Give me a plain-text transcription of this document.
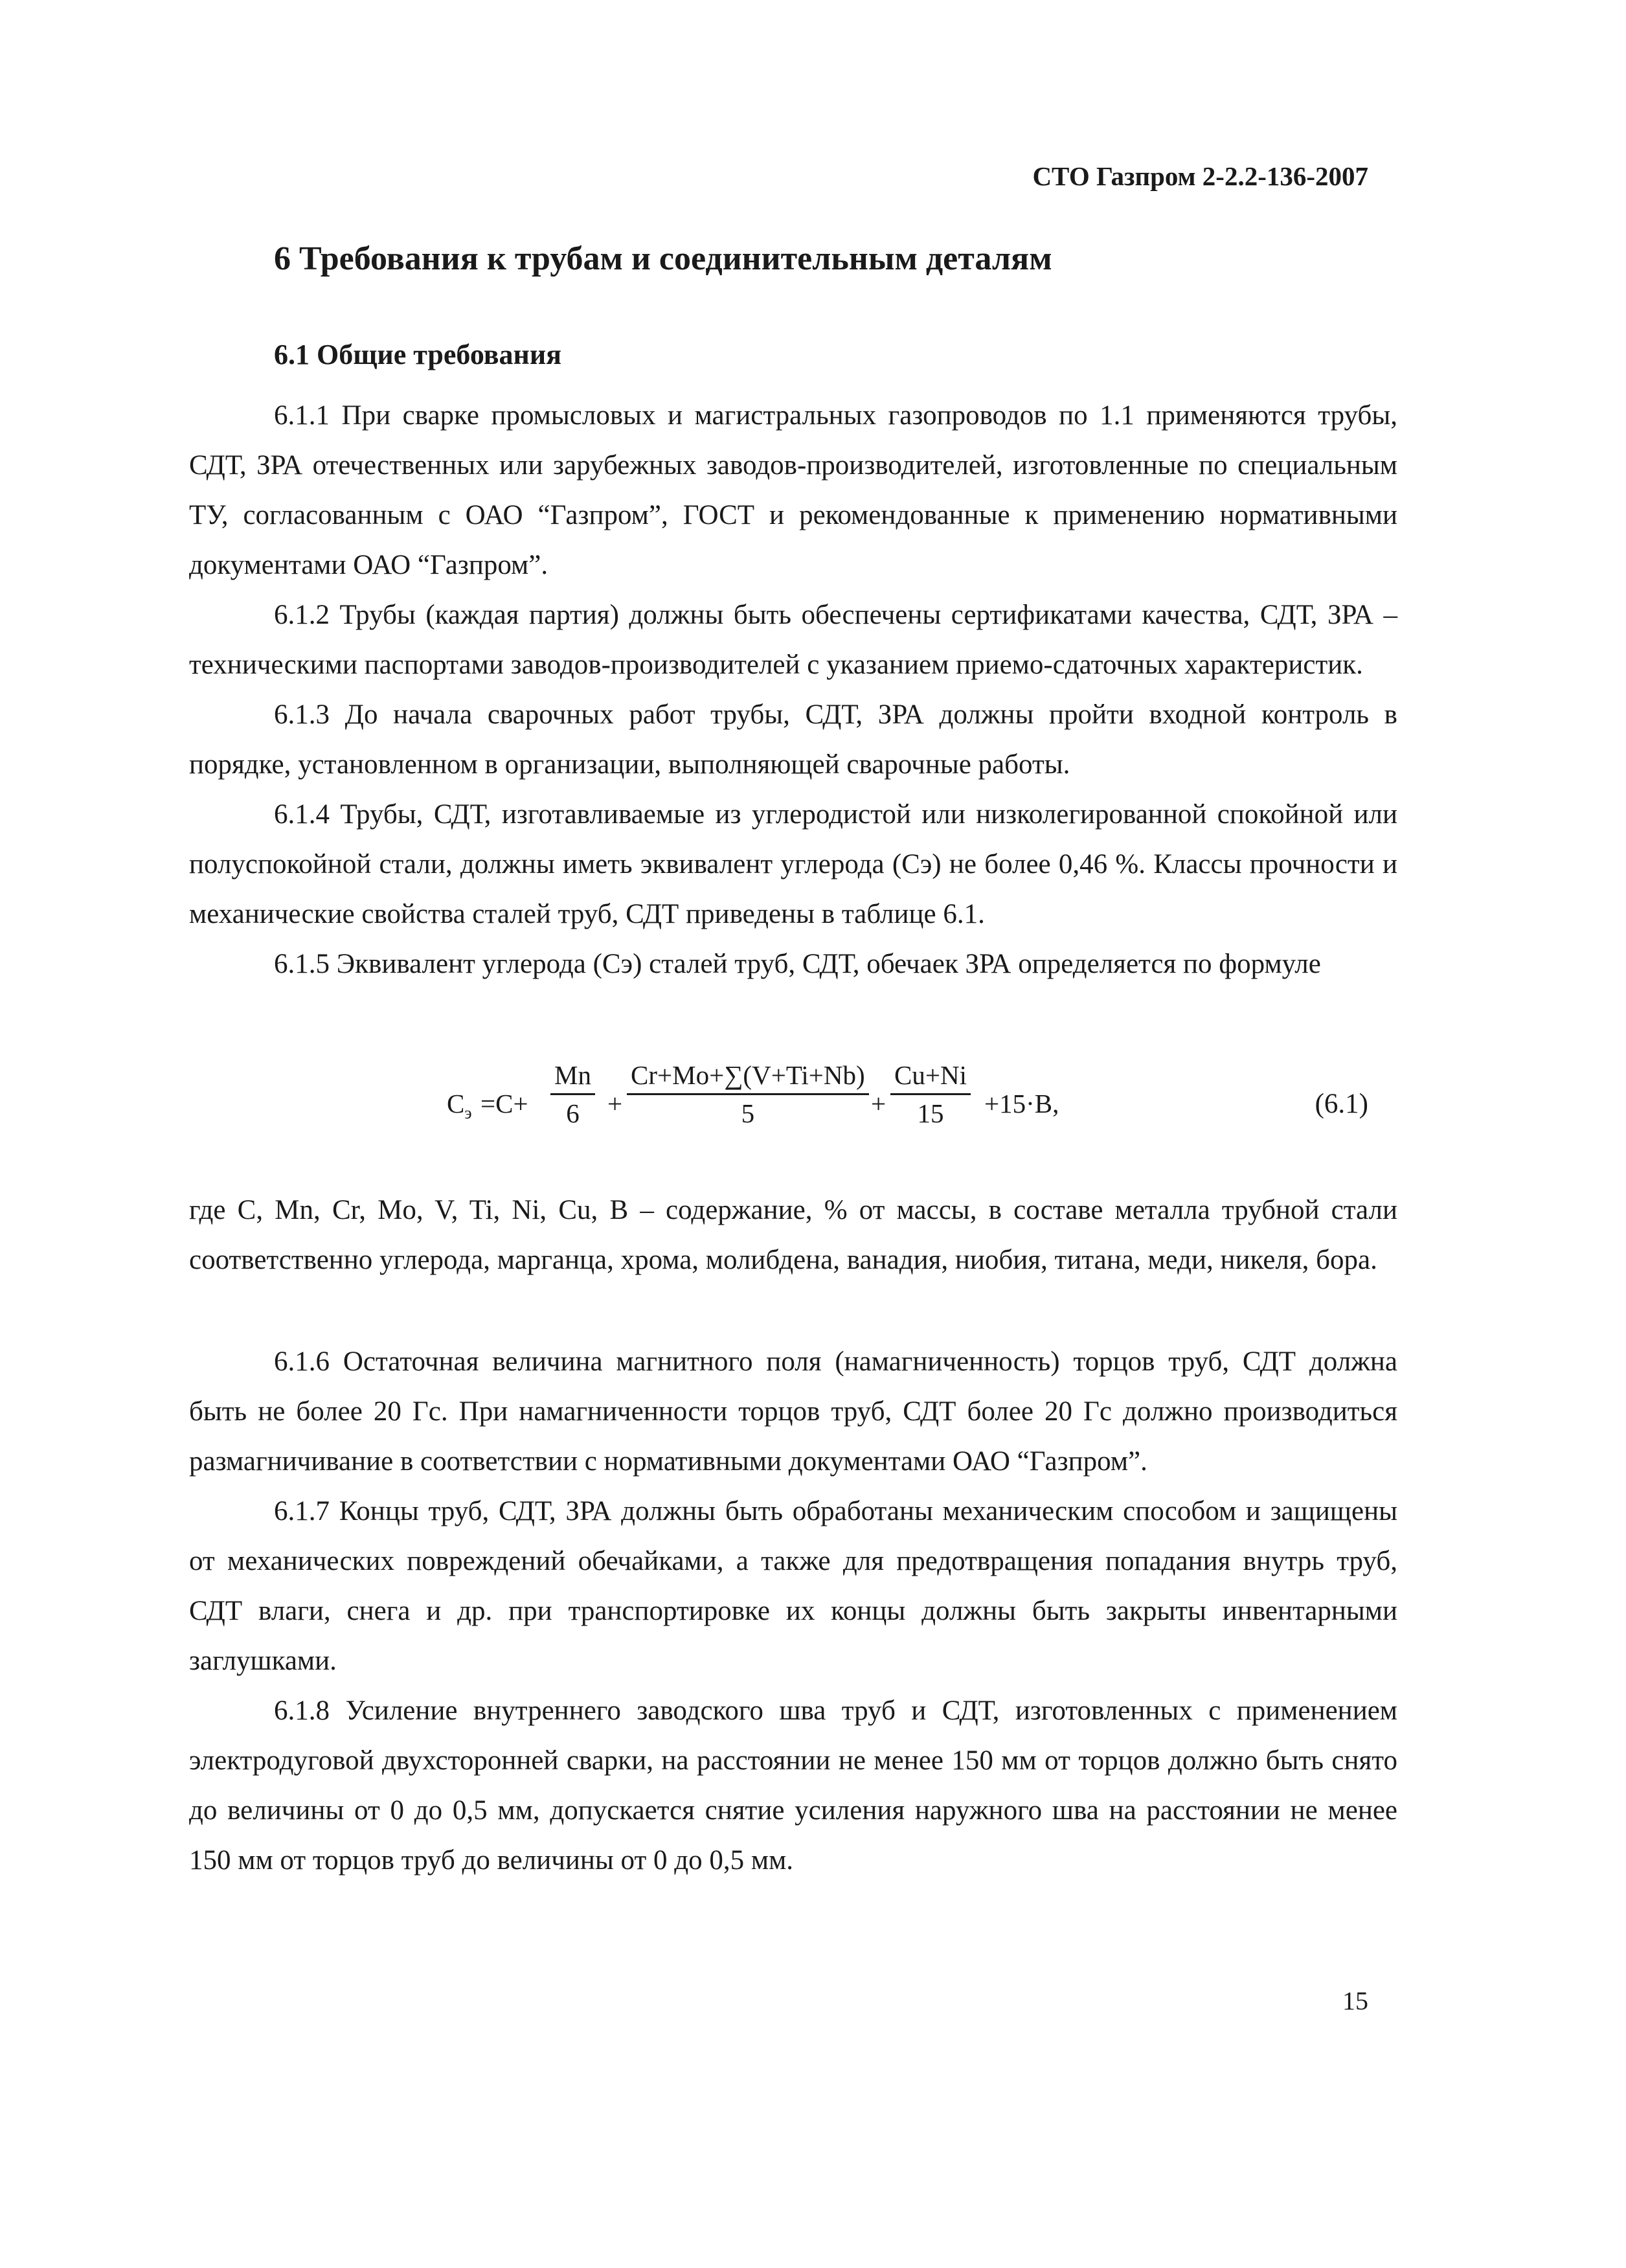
СТО Газпром 2-2.2-136-2007
6 Требования к трубам и соединительным деталям
6.1 Общие требования

6.1.1 При сварке промысловых и магистральных газопроводов по 1.1 применяются трубы, СДТ, ЗРА отечественных или зарубежных заводов-производителей, изготовленные по специальным ТУ, согласованным с ОАО “Газпром”, ГОСТ и рекомендованные к применению нормативными документами ОАО “Газпром”.

6.1.2 Трубы (каждая партия) должны быть обеспечены сертификатами качества, СДТ, ЗРА – техническими паспортами заводов-производителей с указанием приемо-сдаточных характеристик.

6.1.3 До начала сварочных работ трубы, СДТ, ЗРА должны пройти входной контроль в порядке, установленном в организации, выполняющей сварочные работы.

6.1.4 Трубы, СДТ, изготавливаемые из углеродистой или низколегированной спокойной или полуспокойной стали, должны иметь эквивалент углерода (Cэ) не более 0,46 %. Классы прочности и механические свойства сталей труб, СДТ приведены в таблице 6.1.

6.1.5 Эквивалент углерода (Cэ) сталей труб, СДТ, обечаек ЗРА определяется по формуле

$C_э =C+ \frac{Mn}{6} + \frac{Cr+Mo+\sum(V+Ti+Nb)}{5} + \frac{Cu+Ni}{15} +15\cdot B$,	(6.1)
где C, Mn, Cr, Mo, V, Ti, Ni, Cu, B – содержание, % от массы, в составе металла трубной стали соответственно углерода, марганца, хрома, молибдена, ванадия, ниобия, титана, меди, никеля, бора.

6.1.6 Остаточная величина магнитного поля (намагниченность) торцов труб, СДТ должна быть не более 20 Гс. При намагниченности торцов труб, СДТ более 20 Гс должно производиться размагничивание в соответствии с нормативными документами ОАО “Газпром”.

6.1.7 Концы труб, СДТ, ЗРА должны быть обработаны механическим способом и защищены от механических повреждений обечайками, а также для предотвращения попадания внутрь труб, СДТ влаги, снега и др. при транспортировке их концы должны быть закрыты инвентарными заглушками.

6.1.8 Усиление внутреннего заводского шва труб и СДТ, изготовленных с применением электродуговой двухсторонней сварки, на расстоянии не менее 150 мм от торцов должно быть снято до величины от 0 до 0,5 мм, допускается снятие усиления наружного шва на расстоянии не менее 150 мм от торцов труб до величины от 0 до 0,5 мм.

15
